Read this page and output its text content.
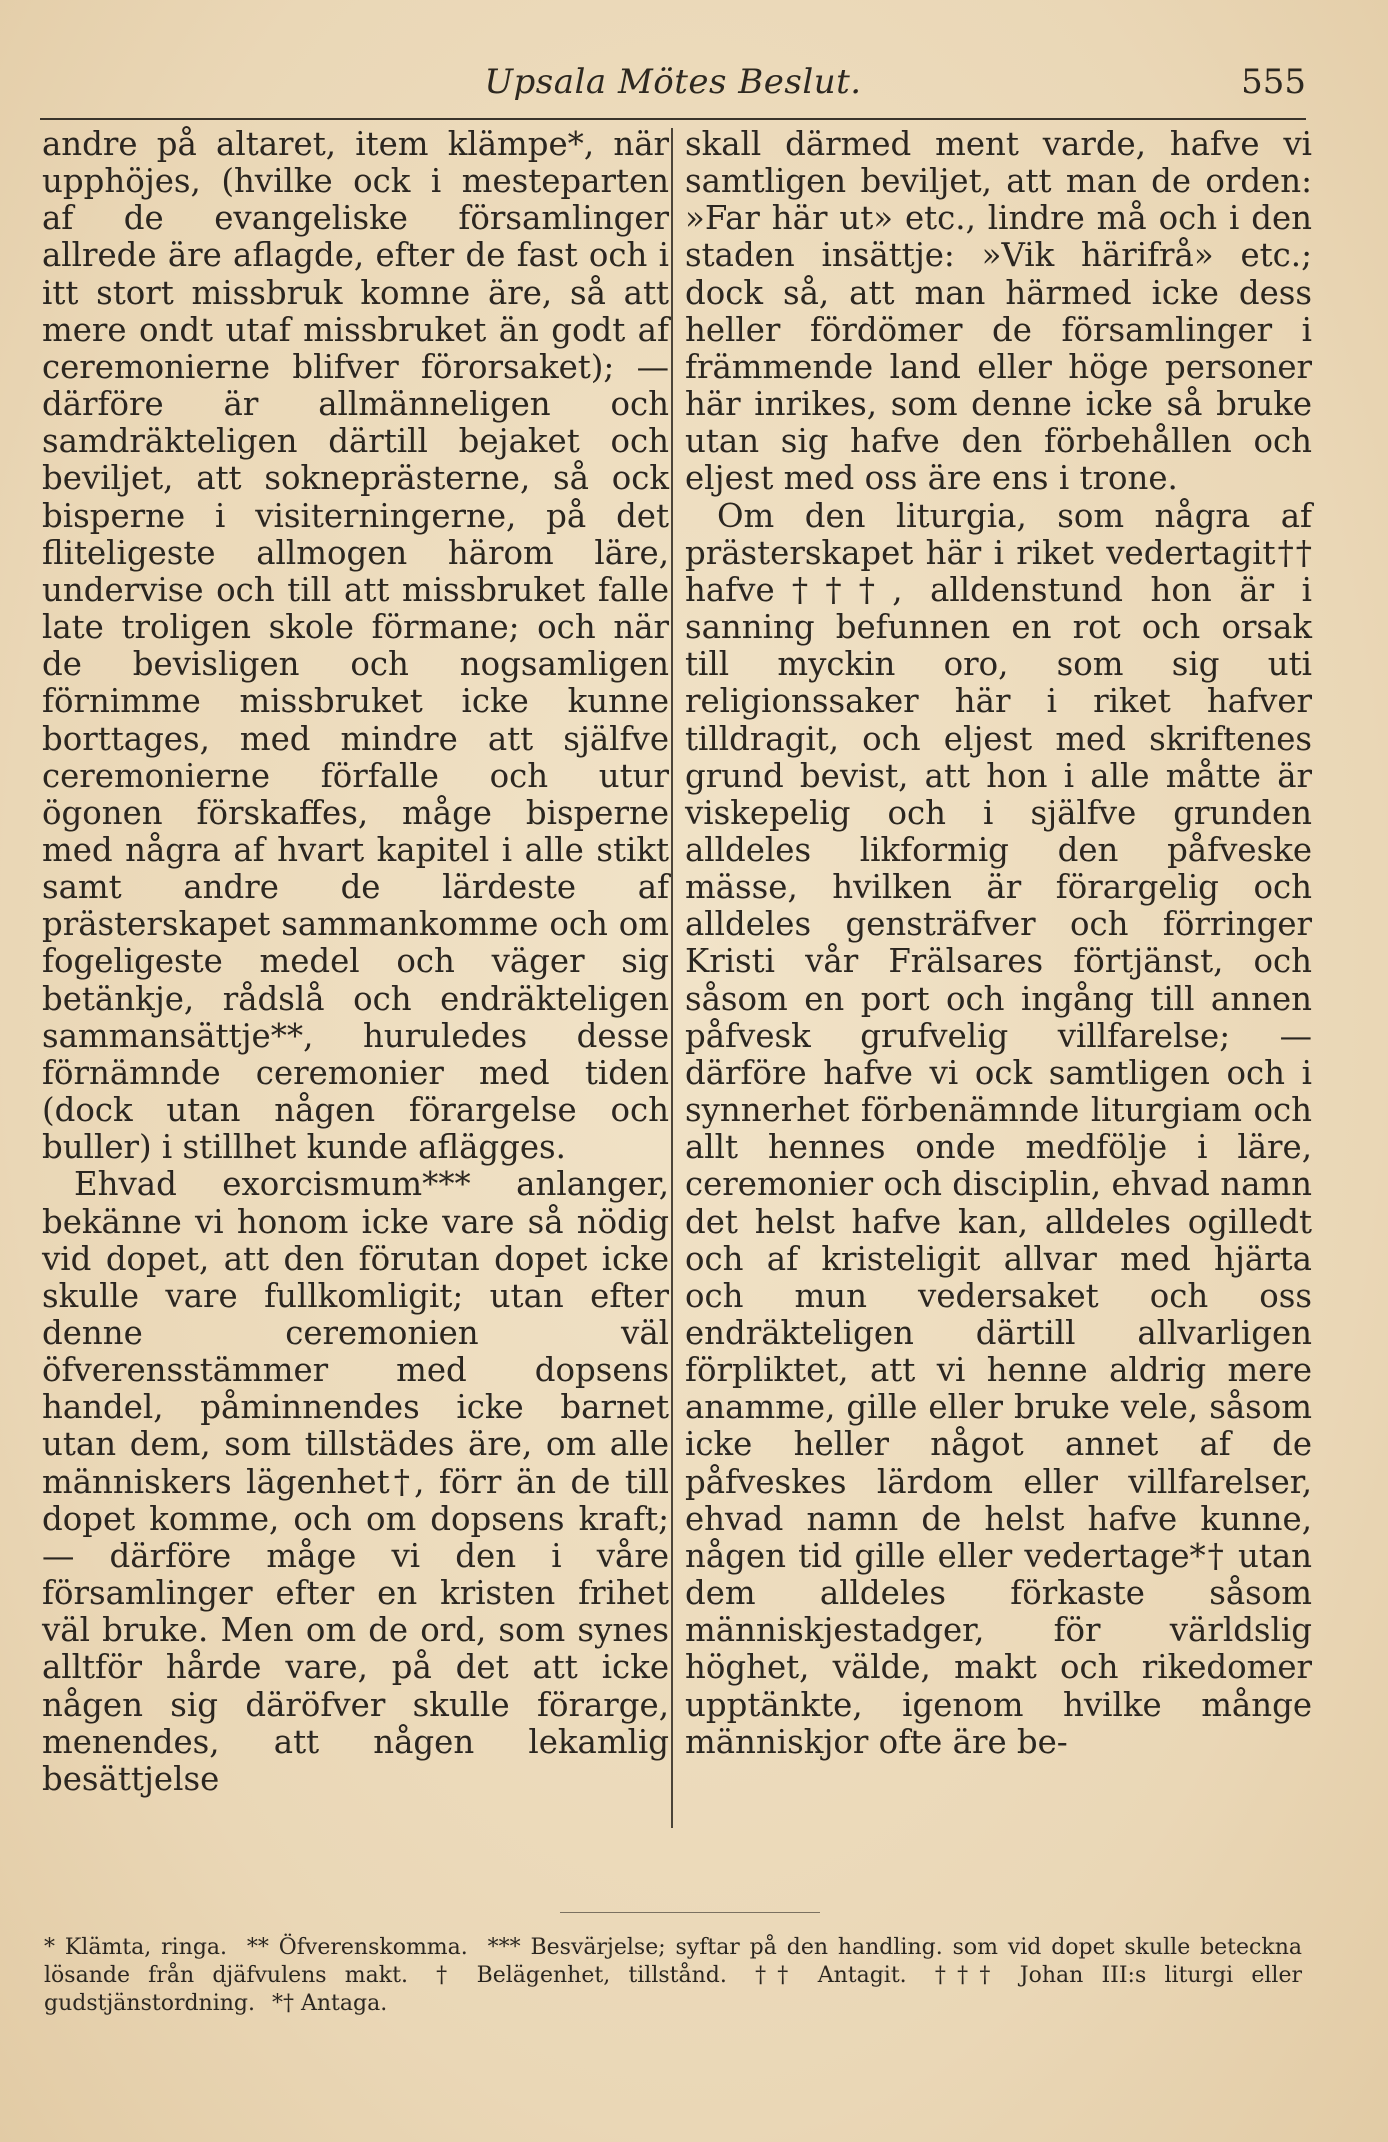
Upsala Mötes Beslut.	555

andre på altaret, item klämpe*, när upphöjes, (hvilke ock i mesteparten af de evangeliske församlinger allrede äre aflagde, efter de fast och i itt stort missbruk komne äre, så att mere ondt utaf missbruket än godt af ceremonierne blifver förorsaket); — därföre är allmänneligen och samdräkteligen därtill bejaket och beviljet, att sokneprästerne, så ock bisperne i visiterningerne, på det fliteligeste allmogen härom läre, undervise och till att missbruket falle late troligen skole förmane; och när de bevisligen och nogsamligen förnimme missbruket icke kunne borttages, med mindre att själfve ceremonierne förfalle och utur ögonen förskaffes, måge bisperne med några af hvart kapitel i alle stikt samt andre de lärdeste af prästerskapet sammankomme och om fogeligeste medel och väger sig betänkje, rådslå och endräkteligen sammansättje**, huruledes desse förnämnde ceremonier med tiden (dock utan någen förargelse och buller) i stillhet kunde aflägges.

Ehvad exorcismum*** anlanger, bekänne vi honom icke vare så nödig vid dopet, att den förutan dopet icke skulle vare fullkomligit; utan efter denne ceremonien väl öfverensstämmer med dopsens handel, påminnendes icke barnet utan dem, som tillstädes äre, om alle människers lägenhet†, förr än de till dopet komme, och om dopsens kraft; — därföre måge vi den i våre församlinger efter en kristen frihet väl bruke. Men om de ord, som synes alltför hårde vare, på det att icke någen sig däröfver skulle förarge, menendes, att någen lekamlig besättjelse

skall därmed ment varde, hafve vi samtligen beviljet, att man de orden: »Far här ut» etc., lindre må och i den staden insättje: »Vik härifrå» etc.; dock så, att man härmed icke dess heller fördömer de församlinger i främmende land eller höge personer här inrikes, som denne icke så bruke utan sig hafve den förbehållen och eljest med oss äre ens i trone.

Om den liturgia, som några af prästerskapet här i riket vedertagit†† hafve†††, alldenstund hon är i sanning befunnen en rot och orsak till myckin oro, som sig uti religionssaker här i riket hafver tilldragit, och eljest med skriftenes grund bevist, att hon i alle måtte är viskepelig och i själfve grunden alldeles likformig den påfveske mässe, hvilken är förargelig och alldeles gensträfver och förringer Kristi vår Frälsares förtjänst, och såsom en port och ingång till annen påfvesk grufvelig villfarelse; — därföre hafve vi ock samtligen och i synnerhet förbenämnde liturgiam och allt hennes onde medfölje i läre, ceremonier och disciplin, ehvad namn det helst hafve kan, alldeles ogilledt och af kristeligit allvar med hjärta och mun vedersaket och oss endräkteligen därtill allvarligen förpliktet, att vi henne aldrig mere anamme, gille eller bruke vele, såsom icke heller något annet af de påfveskes lärdom eller villfarelser, ehvad namn de helst hafve kunne, någen tid gille eller vedertage*† utan dem alldeles förkaste såsom människjestadger, för världslig höghet, välde, makt och rikedomer upptänkte, igenom hvilke månge människjor ofte äre be-

* Klämta, ringa. ** Öfverenskomma. *** Besvärjelse; syftar på den handling. som vid dopet skulle beteckna lösande från djäfvulens makt. † Belägenhet, tillstånd. †† Antagit. ††† Johan III:s liturgi eller gudstjänstordning. *† Antaga.
